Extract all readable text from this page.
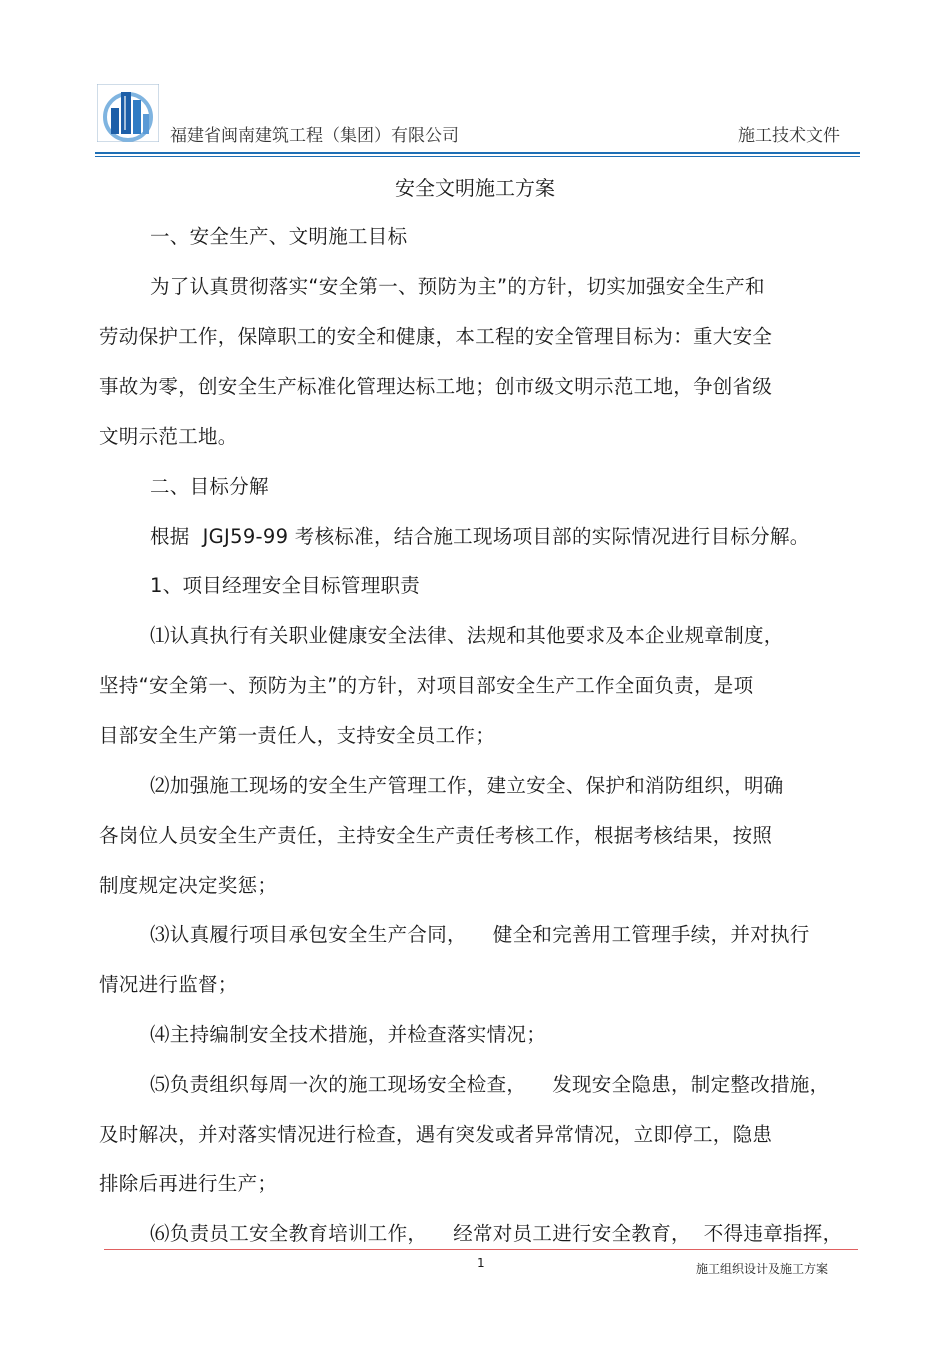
福建省闽南建筑工程（集团）有限公司	施工技术文件
安全文明施工方案
一、安全生产、文明施工目标
为了认真贯彻落实“安全第一、预防为主”的方针，切实加强安全生产和
劳动保护工作，保障职工的安全和健康，本工程的安全管理目标为：重大安全
事故为零，创安全生产标准化管理达标工地；创市级文明示范工地，争创省级
文明示范工地。
二、目标分解
根据  JGJ59-99 考核标准，结合施工现场项目部的实际情况进行目标分解。
1、项目经理安全目标管理职责
⑴认真执行有关职业健康安全法律、法规和其他要求及本企业规章制度，
坚持“安全第一、预防为主”的方针，对项目部安全生产工作全面负责，是项
目部安全生产第一责任人，支持安全员工作；
⑵加强施工现场的安全生产管理工作，建立安全、保护和消防组织，明确
各岗位人员安全生产责任，主持安全生产责任考核工作，根据考核结果，按照
制度规定决定奖惩；
⑶认真履行项目承包安全生产合同，    健全和完善用工管理手续，并对执行
情况进行监督；
⑷主持编制安全技术措施，并检查落实情况；
⑸负责组织每周一次的施工现场安全检查，    发现安全隐患，制定整改措施，
及时解决，并对落实情况进行检查，遇有突发或者异常情况，立即停工，隐患
排除后再进行生产；
⑹负责员工安全教育培训工作，    经常对员工进行安全教育，  不得违章指挥，
1	施工组织设计及施工方案
